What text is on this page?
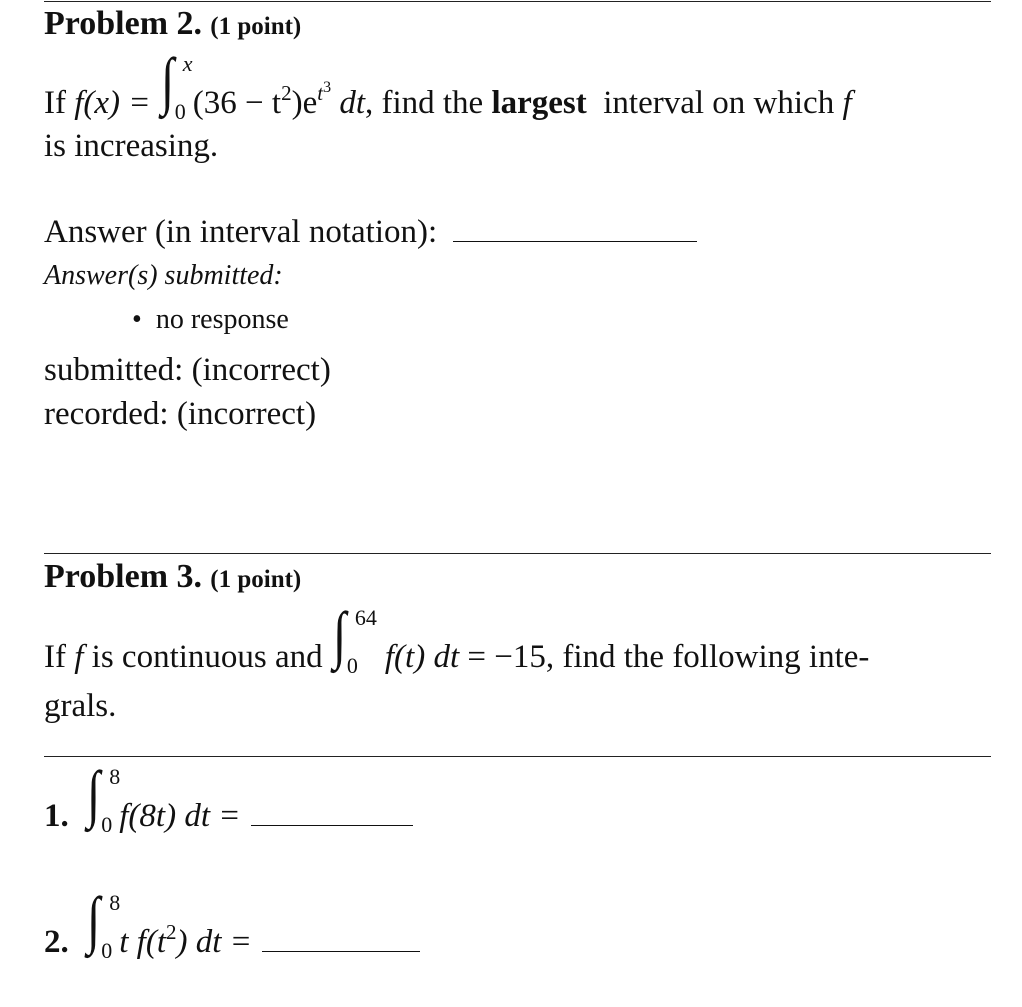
Problem 2. (1 point)
If f(x) = ∫ x
0 $(36 - t^2)e^{t^3}$ dt, find the largest interval on which f
is increasing.
Answer (in interval notation):
Answer(s) submitted:
• no response
submitted: (incorrect)
recorded: (incorrect)
Problem 3. (1 point)
If f is continuous and ∫ 64
0 f(t) dt = −15, find the following inte-
grals.
1. ∫ 8
0 f(8t) dt =
2. ∫ 8
0 t $f(t^2)$ dt =
